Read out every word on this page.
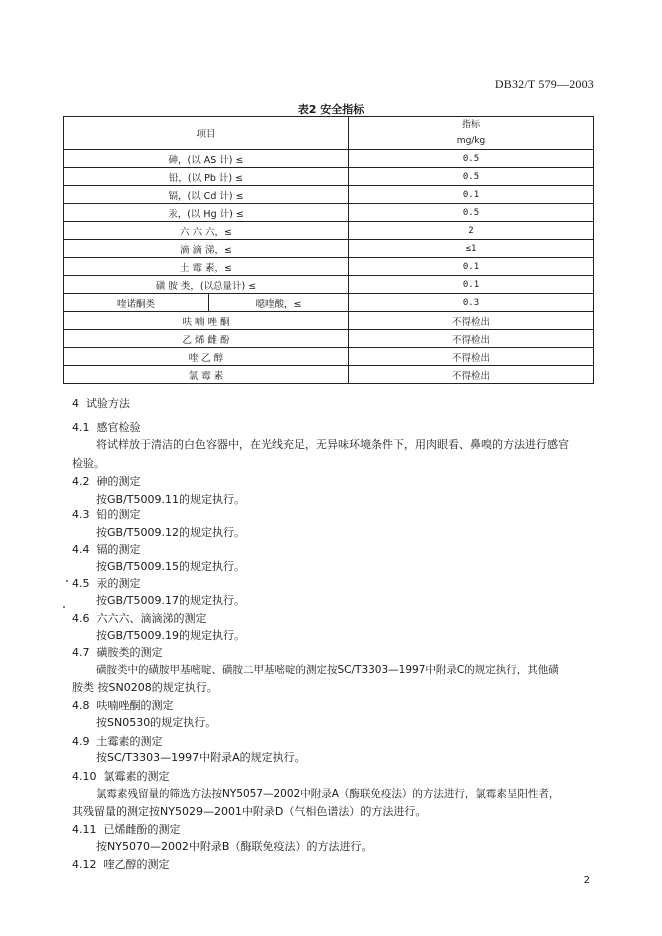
DB32/T 579—2003
表2 安全指标
项目		指标
mg/kg

砷，(以 AS 计) ≤		0.5
铅，(以 Pb 计) ≤		0.5
镉，(以 Cd 计) ≤		0.1
汞，(以 Hg 计) ≤		0.5
六 六 六，≤		2
滴 滴 涕，≤		≤1
土 霉 素，≤		0.1
磺 胺 类，(以总量计) ≤		0.1
喹诺酮类	噁喹酸，≤	0.3
呋 喃 唑 酮		不得检出
乙 烯 雌 酚		不得检出
喹 乙 醇		不得检出
氯 霉 素		不得检出
4 试验方法
4.1 感官检验
将试样放于清洁的白色容器中，在光线充足，无异味环境条件下，用肉眼看、鼻嗅的方法进行感官
检验。
4.2 砷的测定
按GB/T5009.11的规定执行。
4.3 铅的测定
按GB/T5009.12的规定执行。
4.4 镉的测定
按GB/T5009.15的规定执行。
4.5 汞的测定
按GB/T5009.17的规定执行。
4.6 六六六、滴滴涕的测定
按GB/T5009.19的规定执行。
4.7 磺胺类的测定
磺胺类中的磺胺甲基嘧啶、磺胺二甲基嘧啶的测定按SC/T3303—1997中附录C的规定执行，其他磺
胺类 按SN0208的规定执行。
4.8 呋喃唑酮的测定
按SN0530的规定执行。
4.9 土霉素的测定
按SC/T3303—1997中附录A的规定执行。
4.10 氯霉素的测定
氯霉素残留量的筛选方法按NY5057—2002中附录A（酶联免疫法）的方法进行，氯霉素呈阳性者，
其残留量的测定按NY5029—2001中附录D（气相色谱法）的方法进行。
4.11 已烯雌酚的测定
按NY5070—2002中附录B（酶联免疫法）的方法进行。
4.12 喹乙醇的测定
2
